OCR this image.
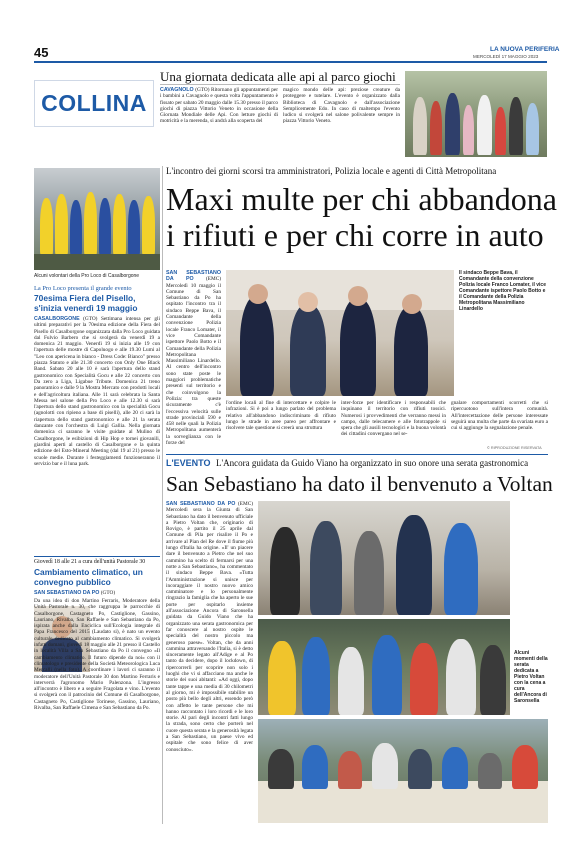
45	LA NUOVA PERIFERIA
MERCOLEDÌ 17 MAGGIO 2023
COLLINA
Una giornata dedicata alle api al parco giochi
CAVAGNOLO (GTO) Ritornano gli appuntamenti per i bambini a Cavagnolo e questa volta l'appuntamento è fissato per sabato 20 maggio dalle 15.30 presso il parco giochi di piazza Vittorio Veneto in occasione della Giornata Mondiale delle Api. Con letture giochi di motricità e la merenda, si andrà alla scoperta del
magico mondo delle api: preziose creature da proteggere e tutelare. L'evento è organizzato dalla Biblioteca di Cavagnolo e dall'associazione Semplicemente Edo. In caso di maltempo l'evento ludico si svolgerà nel salone polivalente sempre in piazza Vittorio Veneto.
Alcuni volontari della Pro Loco di Casalborgone
La Pro Loco presenta il grande evento
70esima Fiera del Pisello, s'inizia venerdì 19 maggio
CASALBORGONE (GTO) Settimana intensa per gli ultimi preparativi per la 70esima edizione della Fiera del Pisello di Casalborgone organizzata dalla Pro Loco guidata dal Fulvio Barbero che si svolgerà da venerdì 19 a domenica 21 maggio. Venerdì 19 si inizia alle 19 con l'apertura delle mostre di Capoluogo e alle 19.30 Lumi al "Leo con apericena in bianco - Dress Code: Bianco" presso piazza Statuto e alle 21.30 concerto con Only One Black Band. Sabato 20 alle 10 è sarà l'apertura dello stand gastronomico con Specialità Gocu e alle 22 concerto con Da zero a Liga, Ligabue Tribute. Domenica 21 treno panoramico e dalle 9 la Mostra Mercato con prodotti locali e dell'agricoltura italiana. Alle 11 sarà celebrata la Santa Messa nel salone della Pro Loco e alle 12.30 si sarà l'apertura dello stand gastronomico con la specialità Gocu (agnolotti con ripieno a base di piselli), alle 20 ci sarà la riapertura dello stand gastronomico e alle 21 la serata danzante con l'orchestra di Luigi Gallia. Nella giornata domenica ci saranno le visite guidate al Mulino di Casalborgone, le esibizioni di Hip Hop e tornei giovanili, giardini aperti al castello di Casalborgone e la quinta edizione del Esto-Mineral Meeting (dal 19 al 21) presso le scuole medie. Durante i festeggiamenti funzioneranno il servizio bar e il luna park.
Giovedì 18 alle 21 a cura dell'unità Pastorale 30
Cambiamento climatico, un convegno pubblico
SAN SEBASTIANO DA PO (GTO)
Da una idea di don Martino Ferraris, Moderatore della Unità Pastorale n. 30, che raggruppa le parrocchie di Casalborgone, Castagneto Po, Castiglione, Gassino, Lauriano, Rivalba, San Raffaele e San Sebastiano da Po, ispirata anche dalla Enciclica sull'Ecologia integrale di Papa Francesco del 2015 (Laudato si), è nato un evento culturale dedicato al cambiamento climatico. Si svolgerà infatti domani, giovedì 18 maggio alle 21 presso il Castello in località Villa a San Sebastiano da Po il convegno «Il cambiamento climatico. Il futuro dipende da noi» con il climatologo e presidente della Società Meteorologica Luca Mercalli (nella foto). A coordinare i lavori ci saranno il moderatore dell'Unità Pastorale 30 don Martino Ferraris e interverrà l'agronomo Mario Palenzona. L'ingresso all'incontro è libero e a seguire Fragolata e vino. L'evento si svolgerà con il patrocinio del Comune di Casalborgone, Castagneto Po, Castiglione Torinese, Gassino, Lauriano, Rivalba, San Raffaele Cimena e San Sebastiano da Po.
L'incontro dei giorni scorsi tra amministratori, Polizia locale e agenti di Città Metropolitana
Maxi multe per chi abbandona
i rifiuti e per chi corre in auto
SAN SEBASTIANO DA PO (EMC) Mercoledì 10 maggio il Comune di San Sebastiano da Po ha ospitato l'incontro tra il sindaco Beppe Bava, il Comandante della convenzione Polizia locale Franco Lomater, il vice Comandante ispettore Paolo Botto e il Comandante della Polizia Metropolitana Massimiliano Linardello. Al centro dell'incontro sono state poste le maggiori problematiche presenti sul territorio e che coinvolgono la Polizia: tra queste sicuramente c'è l'eccessiva velocità sulle strade provinciali 590 e 458 nelle quali la Polizia Metropolitana aumenterà la sorveglianza con le forze del
Il sindaco Beppe Bava, il Comandante della convenzione Polizia locale Franco Lomater, il vice Comandante ispettore Paolo Botto e il Comandante della Polizia Metropolitana Massimiliano Linardello
l'ordine locali al fine di intercettare e colpire le infrazioni. Si è poi a lungo parlato del problema relativo all'abbandono indiscriminato di rifiuto lungo le strade in aree pareo per affrontare e risolvere tale questione si creerà una struttura
inter-forze per identificare i responsabili che inquinano il territorio con rifiuti tossici. Numerosi i provvedimenti che verranno messi in campo, dalle telecamere e alle fototrappole si spera che gli ausili tecnologici e la buona volontà dei cittadini convergano nel se-
gnalare comportamenti scorretti che si ripercuotono sull'intera comunità. All'intercettazione delle persone interessate seguirà una multa che parte da svariata euro a cui si aggiunge la segnalazione penale.
© RIPRODUZIONE RISERVATA
L'EVENTO L'Ancora guidata da Guido Viano ha organizzato in suo onore una serata gastronomica
San Sebastiano ha dato il benvenuto a Voltan
SAN SEBASTIANO DA PO (EMC) Mercoledì sera la Giunta di San Sebastiano ha dato il benvenuto ufficiale a Pietro Voltan che, originario di Rovigo, è partito il 25 aprile dal Comune di Pila per risalire il Po e arrivare al Pian del Re dove il fiume più lungo d'Italia ha origine. «Il' un piacere dare il benvenuto a Pietro che nel suo cammino ha scelto di fermarsi per una notte a San Sebastiano», ha commentato il sindaco Beppe Bava. «Tutta l'Amministrazione si unisce per incoraggiare il nostro nuovo amico camminatore e lo personalmente ringrazio la famiglia che ha aperto le sue porte per ospitarlo insieme all'associazione Ancora di Saronsella guidata da Guido Viano che ha organizzato una serata gastronomica per far conoscere al nostro ospite le specialità del nostro piccolo ma generoso paese». Voltan, che da anni cammina attraversando l'Italia, si è detto sinceramente legato all'Adige e al Po tanto da decidere, dopo il lockdown, di ripercorrerli per scoprire non solo i luoghi che vi si affacciano ma anche le storie dei suoi abitanti: «Ad oggi, dopo tante tappe e una media di 30 chilometri al giorno, mi è impossibile stabilire un posto più bello degli altri, essendo però con affetto le tante persone che mi hanno raccontato i loro ricordi e le loro storie. Al pari degli incontri fatti lungo la strada, sono certo che porterò nel cuore questa serata e la generosità legata a San Sebastiano, un paese vivo ed ospitale che sono felice di aver conosciuto».
Alcuni momenti della serata dedicata a Pietro Voltan con la cena a cura dell'Ancora di Saronsella
